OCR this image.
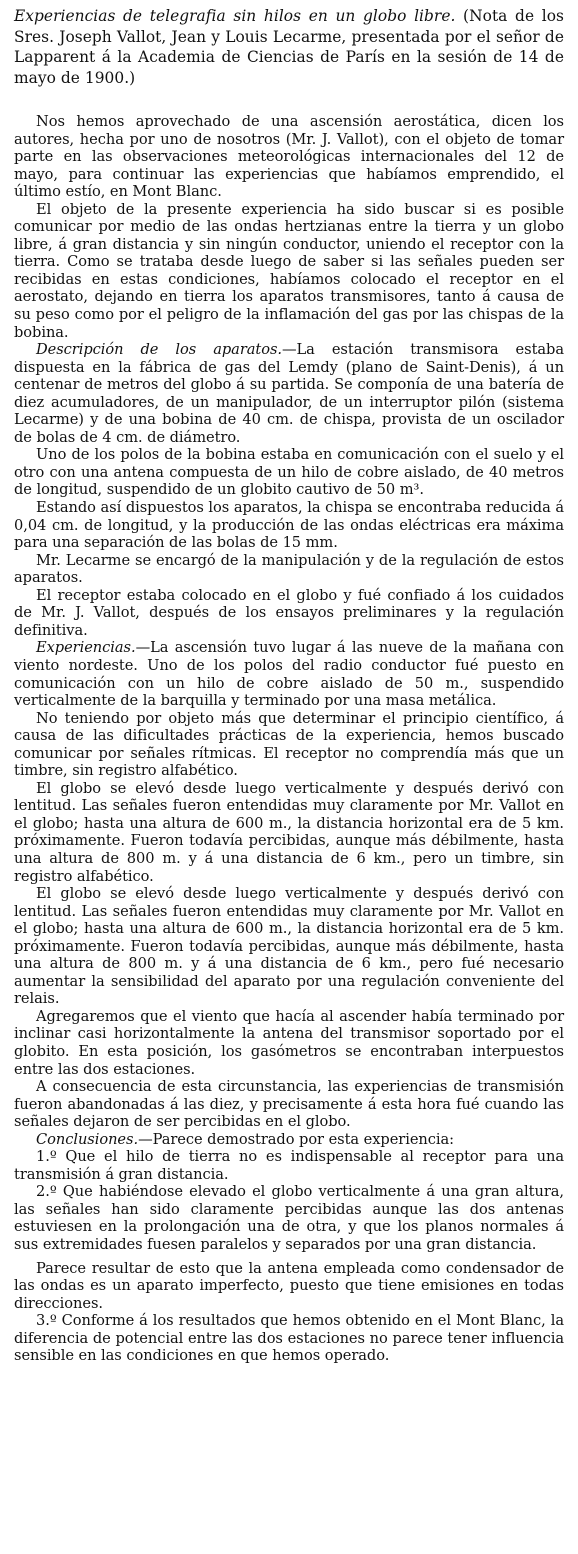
Experiencias de telegrafia sin hilos en un globo libre. (Nota de los Sres. Joseph Vallot, Jean y Louis Lecarme, presentada por el señor de Lapparent á la Academia de Ciencias de París en la sesión de 14 de mayo de 1900.)

Nos hemos aprovechado de una ascensión aerostática, dicen los autores, hecha por uno de nosotros (Mr. J. Vallot), con el objeto de tomar parte en las observaciones meteorológicas internacionales del 12 de mayo, para continuar las experiencias que habíamos emprendido, el último estío, en Mont Blanc.

El objeto de la presente experiencia ha sido buscar si es posible comunicar por medio de las ondas hertzianas entre la tierra y un globo libre, á gran distancia y sin ningún conductor, uniendo el receptor con la tierra. Como se trataba desde luego de saber si las señales pueden ser recibidas en estas condiciones, habíamos colocado el receptor en el aerostato, dejando en tierra los aparatos transmisores, tanto á causa de su peso como por el peligro de la inflamación del gas por las chispas de la bobina.

Descripción de los aparatos.—La estación transmisora estaba dispuesta en la fábrica de gas del Lemdy (plano de Saint-Denis), á un centenar de metros del globo á su partida. Se componía de una batería de diez acumuladores, de un manipulador, de un interruptor pilón (sistema Lecarme) y de una bobina de 40 cm. de chispa, provista de un oscilador de bolas de 4 cm. de diámetro.

Uno de los polos de la bobina estaba en comunicación con el suelo y el otro con una antena compuesta de un hilo de cobre aislado, de 40 metros de longitud, suspendido de un globito cautivo de 50 m³.

Estando así dispuestos los aparatos, la chispa se encontraba reducida á 0,04 cm. de longitud, y la producción de las ondas eléctricas era máxima para una separación de las bolas de 15 mm.

Mr. Lecarme se encargó de la manipulación y de la regulación de estos aparatos.

El receptor estaba colocado en el globo y fué confiado á los cuidados de Mr. J. Vallot, después de los ensayos preliminares y la regulación definitiva.

Experiencias.—La ascensión tuvo lugar á las nueve de la mañana con viento nordeste. Uno de los polos del radio conductor fué puesto en comunicación con un hilo de cobre aislado de 50 m., suspendido verticalmente de la barquilla y terminado por una masa metálica.

No teniendo por objeto más que determinar el principio científico, á causa de las dificultades prácticas de la experiencia, hemos buscado comunicar por señales rítmicas. El receptor no comprendía más que un timbre, sin registro alfabético.

El globo se elevó desde luego verticalmente y después derivó con lentitud. Las señales fueron entendidas muy claramente por Mr. Vallot en el globo; hasta una altura de 600 m., la distancia horizontal era de 5 km. próximamente. Fueron todavía percibidas, aunque más débilmente, hasta una altura de 800 m. y á una distancia de 6 km., pero un timbre, sin registro alfabético.

El globo se elevó desde luego verticalmente y después derivó con lentitud. Las señales fueron entendidas muy claramente por Mr. Vallot en el globo; hasta una altura de 600 m., la distancia horizontal era de 5 km. próximamente. Fueron todavía percibidas, aunque más débilmente, hasta una altura de 800 m. y á una distancia de 6 km., pero fué necesario aumentar la sensibilidad del aparato por una regulación conveniente del relais.

Agregaremos que el viento que hacía al ascender había terminado por inclinar casi horizontalmente la antena del transmisor soportado por el globito. En esta posición, los gasómetros se encontraban interpuestos entre las dos estaciones.

A consecuencia de esta circunstancia, las experiencias de transmisión fueron abandonadas á las diez, y precisamente á esta hora fué cuando las señales dejaron de ser percibidas en el globo.

Conclusiones.—Parece demostrado por esta experiencia:

1.º Que el hilo de tierra no es indispensable al receptor para una transmisión á gran distancia.

2.º Que habiéndose elevado el globo verticalmente á una gran altura, las señales han sido claramente percibidas aunque las dos antenas estuviesen en la prolongación una de otra, y que los planos normales á sus extremidades fuesen paralelos y separados por una gran distancia.

Parece resultar de esto que la antena empleada como condensador de las ondas es un aparato imperfecto, puesto que tiene emisiones en todas direcciones.

3.º Conforme á los resultados que hemos obtenido en el Mont Blanc, la diferencia de potencial entre las dos estaciones no parece tener influencia sensible en las condiciones en que hemos operado.
